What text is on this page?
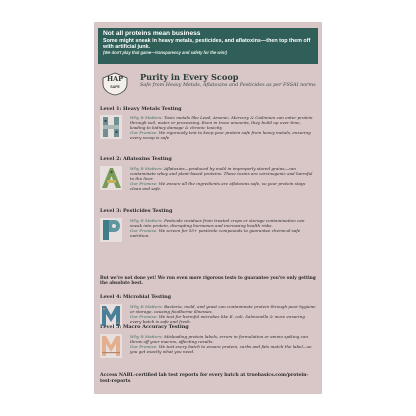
Not all proteins mean business
Some might sneak in heavy metals, pesticides, and aflatoxins—then top them off with artificial junk.
(We don't play that game—transparency and safety for the win!)
HAP
SAFE
Purity in Every Scoop
Safe from Heavy Metals, Aflatoxins and Pesticides as per FSSAI norms
Level 1: Heavy Metals Testing
Why It Matters: Toxic metals like Lead, Arsenic, Mercury & Cadmium can enter protein through soil, water or processing. Even in trace amounts, they build up over time, leading to kidney damage & chronic toxicity
Our Promise: We rigorously test to keep your protein safe from heavy metals, ensuring every scoop is safe
Level 2: Aflatoxins Testing
Why It Matters: Aflatoxins—produced by mold in improperly stored grains—can contaminate whey and plant-based proteins. These toxins are carcinogenic and harmful to the liver.
Our Promise: We ensure all the ingredients are aflatoxins safe, so your protein stays clean and safe.
Level 3: Pesticides Testing
Why It Matters: Pesticide residues from treated crops or storage contamination can sneak into protein, disrupting hormones and increasing health risks.
Our Promise: We screen for 55+ pesticide compounds to guarantee chemical-safe nutrition.
But we're not done yet! We run even more rigorous tests to guarantee you're only getting the absolute best.
Level 4: Microbial Testing
Why It Matters: Bacteria, mold, and yeast can contaminate protein through poor hygiene or storage, causing foodborne illnesses.
Our Promise: We test for harmful microbes like E. coli, Salmonella & more ensuring every batch is safe and fresh.
Level 5: Macro Accuracy Testing
Why It Matters: Misleading protein labels, errors in formulation or amino spiking can throw off your macros, affecting results.
Our Promise: We test every batch to ensure protein, carbs and fats match the label—so you get exactly what you need.
Access NABL-certified lab test reports for every batch at truebasics.com/protein-test-reports
